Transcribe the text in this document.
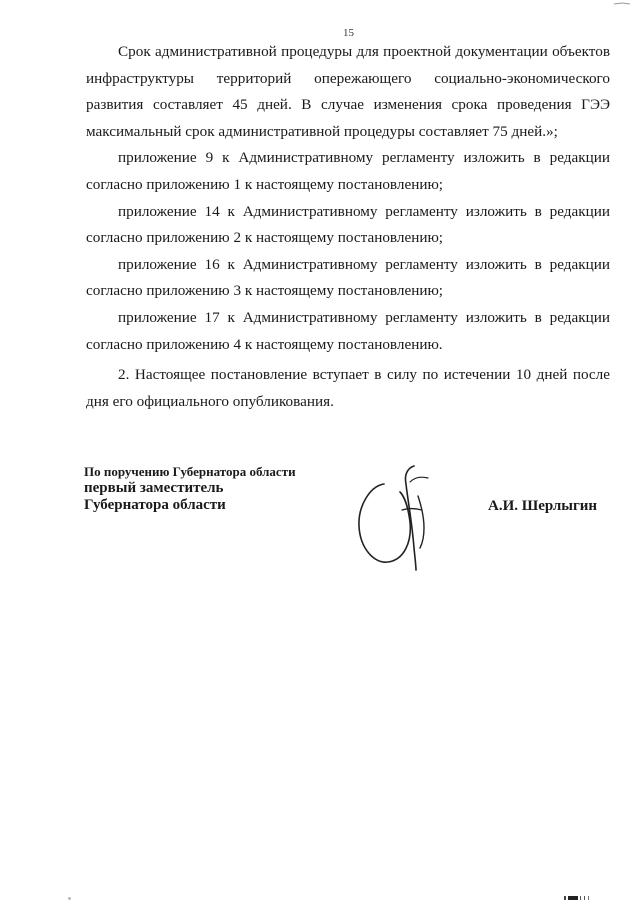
15

Срок административной процедуры для проектной документации объектов инфраструктуры территорий опережающего социально-экономического развития составляет 45 дней. В случае изменения срока проведения ГЭЭ максимальный срок административной процедуры составляет 75 дней.»;

приложение 9 к Административному регламенту изложить в редакции согласно приложению 1 к настоящему постановлению;

приложение 14 к Административному регламенту изложить в редакции согласно приложению 2 к настоящему постановлению;

приложение 16 к Административному регламенту изложить в редакции согласно приложению 3 к настоящему постановлению;

приложение 17 к Административному регламенту изложить в редакции согласно приложению 4 к настоящему постановлению.

2. Настоящее постановление вступает в силу по истечении 10 дней после дня его официального опубликования.

По поручению Губернатора области
первый заместитель
Губернатора области	А.И. Шерлыгин
